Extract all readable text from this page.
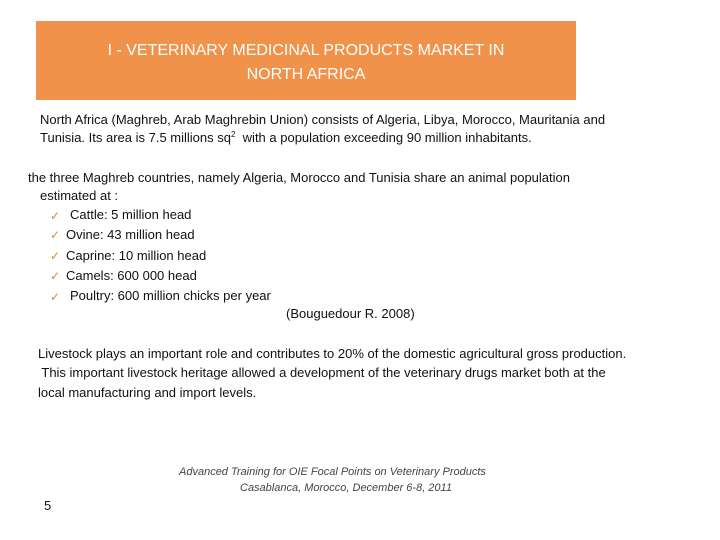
I - VETERINARY MEDICINAL PRODUCTS MARKET IN
NORTH AFRICA
North Africa (Maghreb, Arab Maghrebin Union) consists of Algeria, Libya, Morocco, Mauritania and
Tunisia. Its area is 7.5 millions $sq^2$  with a population exceeding 90 million inhabitants.
the three Maghreb countries, namely Algeria, Morocco and Tunisia share an animal population
estimated at :
✓ Cattle: 5 million head
✓ Ovine: 43 million head
✓ Caprine: 10 million head
✓ Camels: 600 000 head
✓ Poultry: 600 million chicks per year
(Bouguedour R. 2008)
Livestock plays an important role and contributes to 20% of the domestic agricultural gross production.
This important livestock heritage allowed a development of the veterinary drugs market both at the
local manufacturing and import levels.
Advanced Training for OIE Focal Points on Veterinary Products
Casablanca, Morocco, December 6-8, 2011
5
